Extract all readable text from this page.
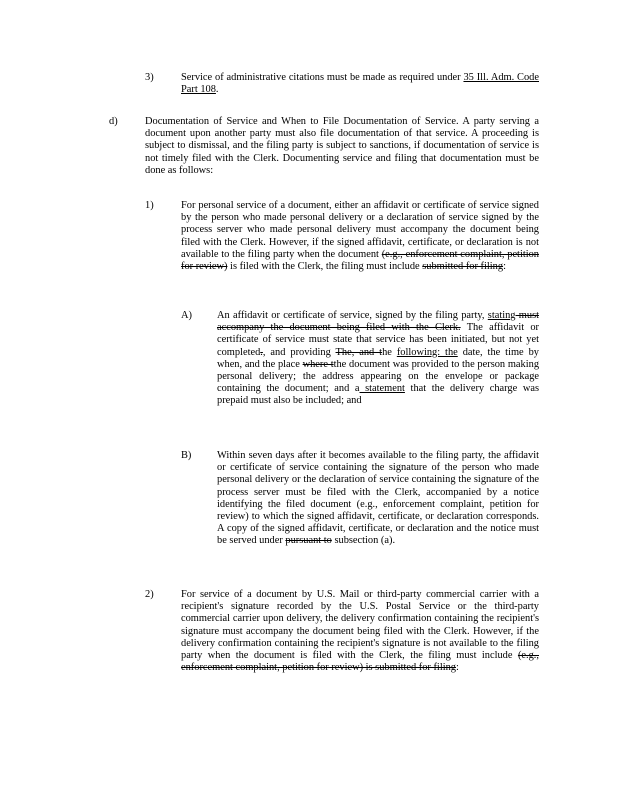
3)	Service of administrative citations must be made as required under 35 Ill. Adm. Code Part 108.
d)	Documentation of Service and When to File Documentation of Service. A party serving a document upon another party must also file documentation of that service. A proceeding is subject to dismissal, and the filing party is subject to sanctions, if documentation of service is not timely filed with the Clerk. Documenting service and filing that documentation must be done as follows:
1)	For personal service of a document, either an affidavit or certificate of service signed by the person who made personal delivery or a declaration of service signed by the process server who made personal delivery must accompany the document being filed with the Clerk. However, if the signed affidavit, certificate, or declaration is not available to the filing party when the document (e.g., enforcement complaint, petition for review) is filed with the Clerk, the filing must include submitted for filing:
A) An affidavit or certificate of service, signed by the filing party, stating must accompany the document being filed with the Clerk. The affidavit or certificate of service must state that service has been initiated, but not yet completed., and providing The, and the following: the date, the time by when, and the place where tthe document was provided to the person making personal delivery; the address appearing on the envelope or package containing the document; and a statement that the delivery charge was prepaid must also be included; and
B) Within seven days after it becomes available to the filing party, the affidavit or certificate of service containing the signature of the person who made personal delivery or the declaration of service containing the signature of the process server must be filed with the Clerk, accompanied by a notice identifying the filed document (e.g., enforcement complaint, petition for review) to which the signed affidavit, certificate, or declaration corresponds. A copy of the signed affidavit, certificate, or declaration and the notice must be served under pursuant to subsection (a).
2)	For service of a document by U.S. Mail or third-party commercial carrier with a recipient's signature recorded by the U.S. Postal Service or the third-party commercial carrier upon delivery, the delivery confirmation containing the recipient's signature must accompany the document being filed with the Clerk. However, if the delivery confirmation containing the recipient's signature is not available to the filing party when the document is filed with the Clerk, the filing must include (e.g., enforcement complaint, petition for review) is submitted for filing:
